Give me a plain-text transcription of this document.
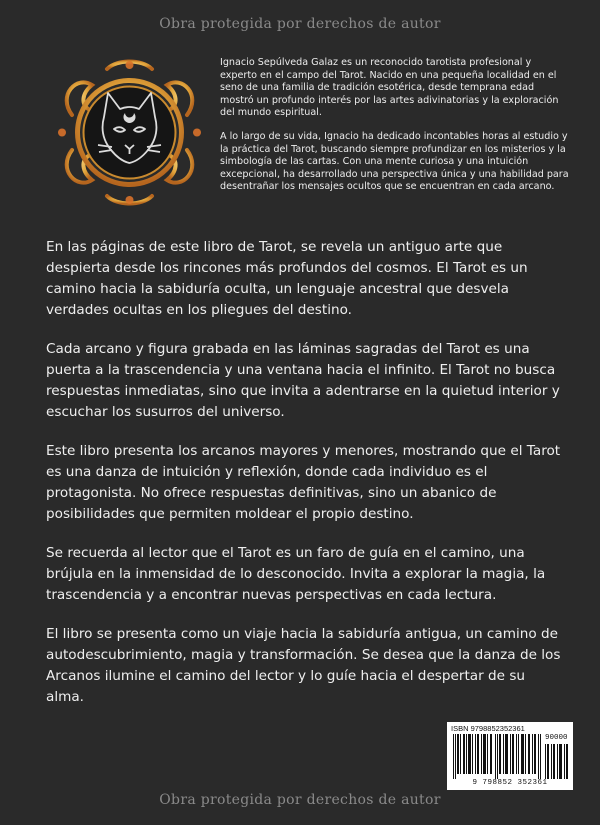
Obra protegida por derechos de autor

Ignacio Sepúlveda Galaz es un reconocido tarotista profesional y experto en el campo del Tarot. Nacido en una pequeña localidad en el seno de una familia de tradición esotérica, desde temprana edad mostró un profundo interés por las artes adivinatorias y la exploración del mundo espiritual.

A lo largo de su vida, Ignacio ha dedicado incontables horas al estudio y la práctica del Tarot, buscando siempre profundizar en los misterios y la simbología de las cartas. Con una mente curiosa y una intuición excepcional, ha desarrollado una perspectiva única y una habilidad para desentrañar los mensajes ocultos que se encuentran en cada arcano.

En las páginas de este libro de Tarot, se revela un antiguo arte que despierta desde los rincones más profundos del cosmos. El Tarot es un camino hacia la sabiduría oculta, un lenguaje ancestral que desvela verdades ocultas en los pliegues del destino.

Cada arcano y figura grabada en las láminas sagradas del Tarot es una puerta a la trascendencia y una ventana hacia el infinito. El Tarot no busca respuestas inmediatas, sino que invita a adentrarse en la quietud interior y escuchar los susurros del universo.

Este libro presenta los arcanos mayores y menores, mostrando que el Tarot es una danza de intuición y reflexión, donde cada individuo es el protagonista. No ofrece respuestas definitivas, sino un abanico de posibilidades que permiten moldear el propio destino.

Se recuerda al lector que el Tarot es un faro de guía en el camino, una brújula en la inmensidad de lo desconocido. Invita a explorar la magia, la trascendencia y a encontrar nuevas perspectivas en cada lectura.

El libro se presenta como un viaje hacia la sabiduría antigua, un camino de autodescubrimiento, magia y transformación. Se desea que la danza de los Arcanos ilumine el camino del lector y lo guíe hacia el despertar de su alma.

ISBN 9798852352361
90000
9 798852 352361
Obra protegida por derechos de autor
